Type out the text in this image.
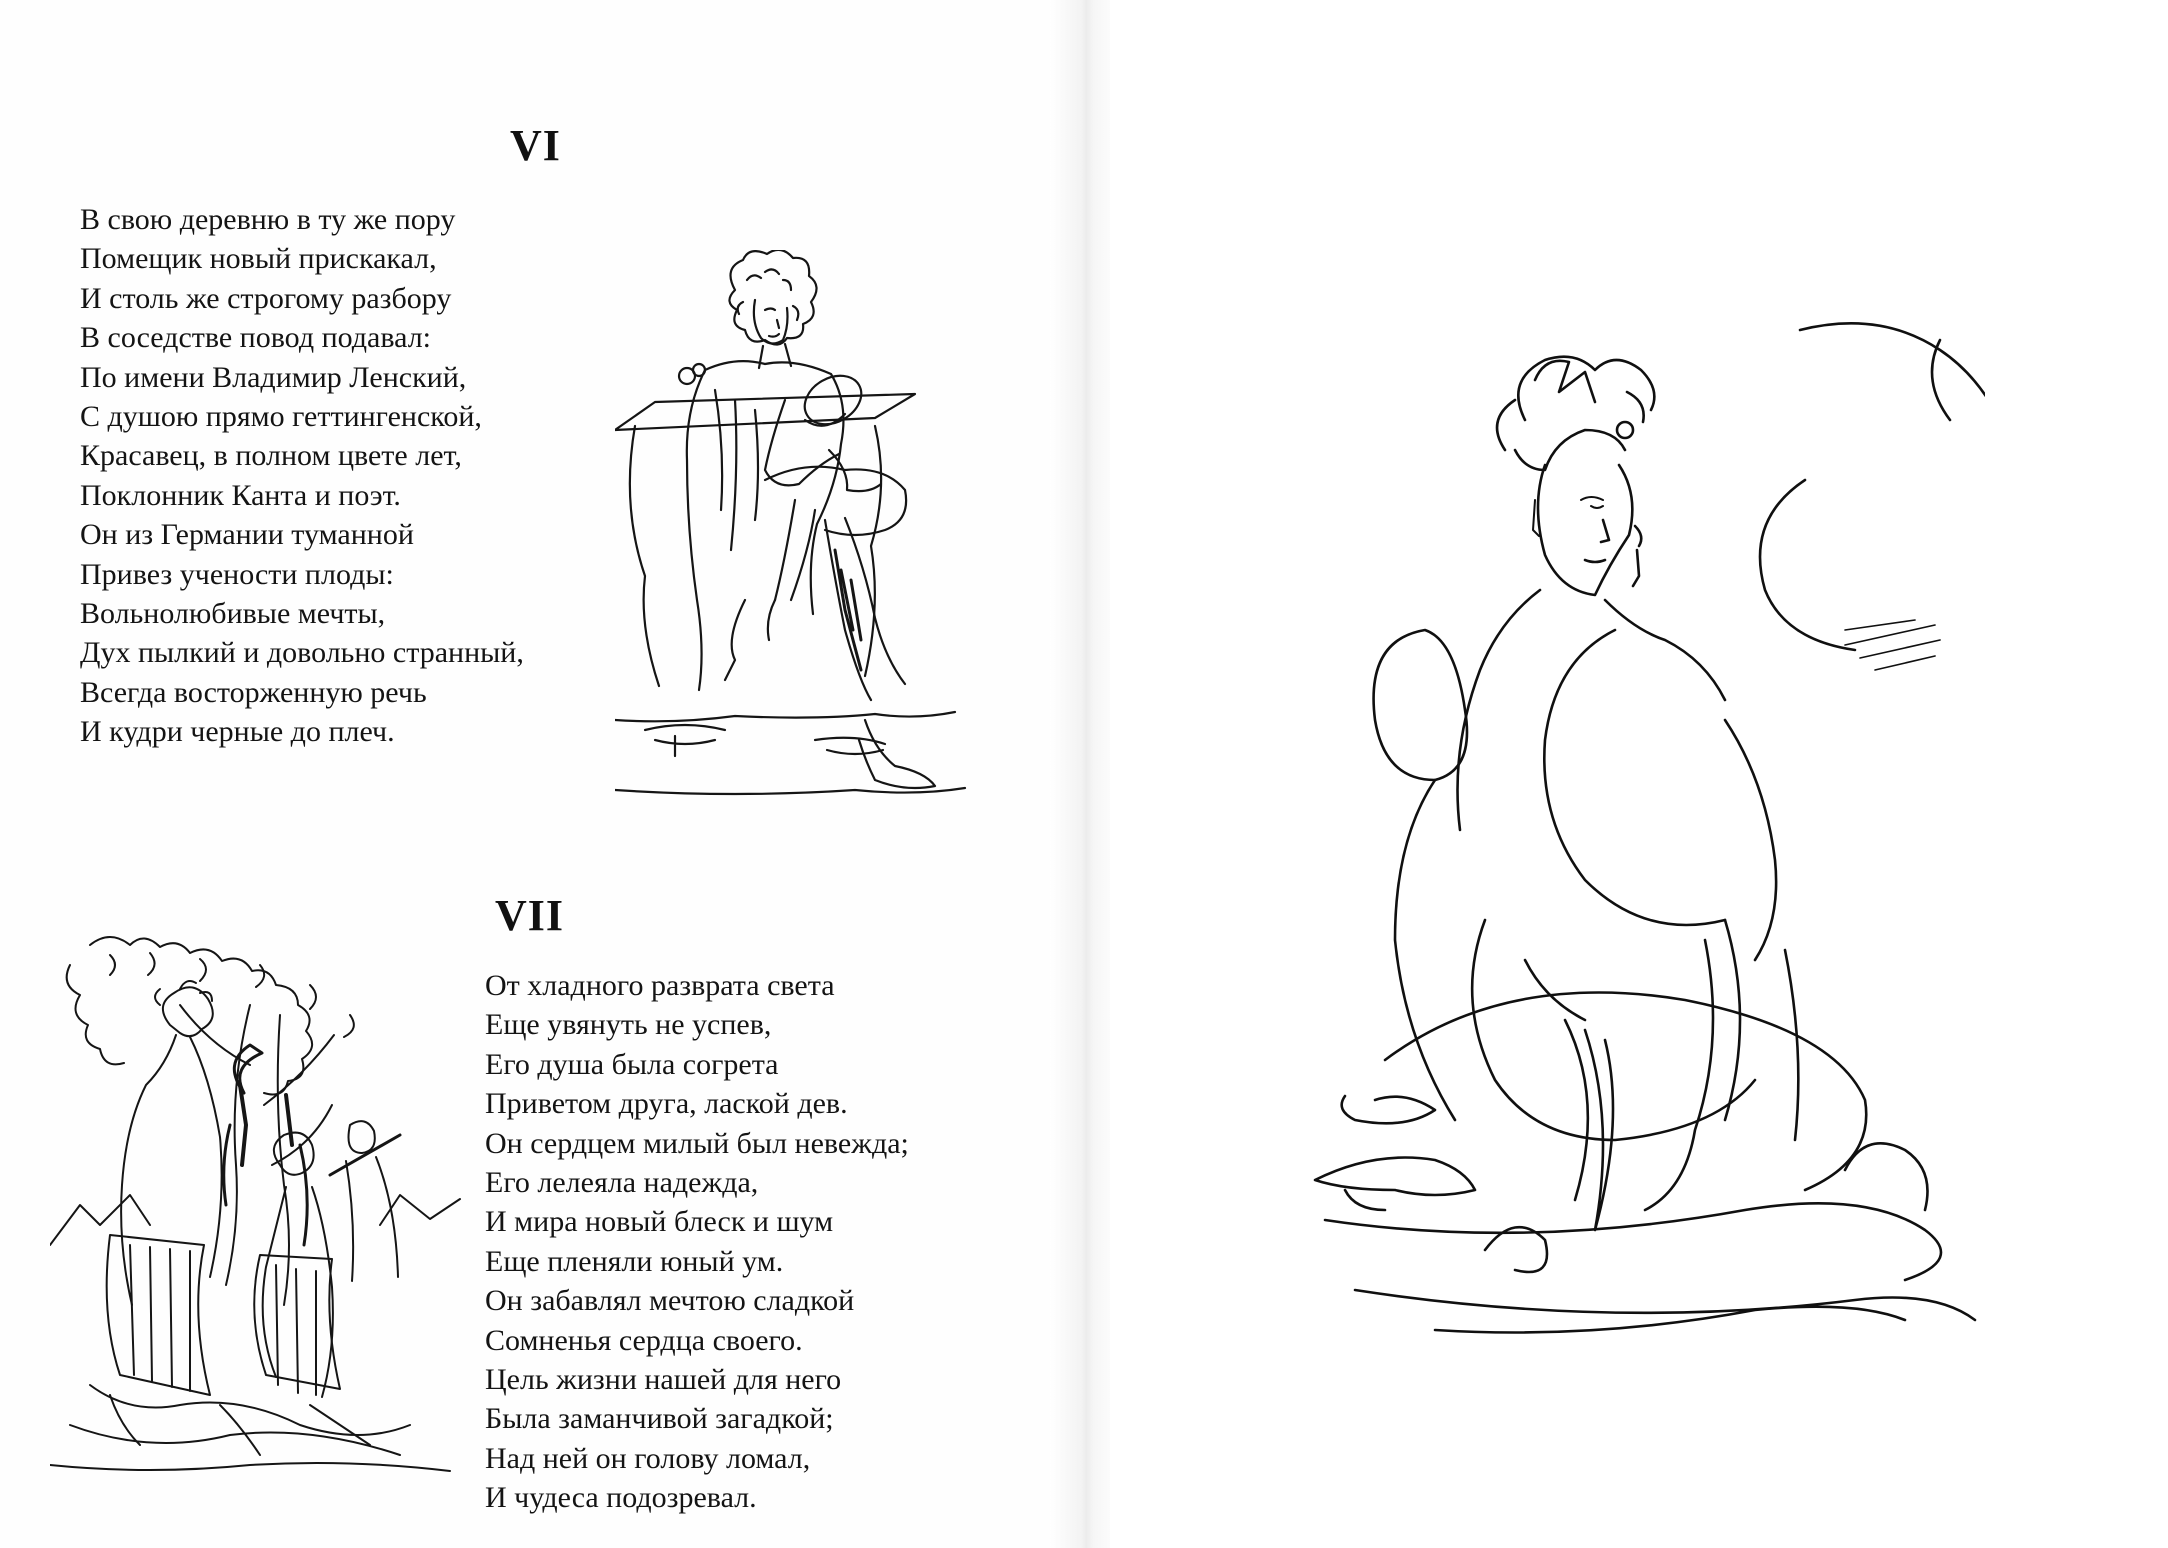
VI
В свою деревню в ту же пору
Помещик новый прискакал,
И столь же строгому разбору
В соседстве повод подавал:
По имени Владимир Ленский,
С душою прямо геттингенской,
Красавец, в полном цвете лет,
Поклонник Канта и поэт.
Он из Германии туманной
Привез учености плоды:
Вольнолюбивые мечты,
Дух пылкий и довольно странный,
Всегда восторженную речь
И кудри черные до плеч.
VII
От хладного разврата света
Еще увянуть не успев,
Его душа была согрета
Приветом друга, лаской дев.
Он сердцем милый был невежда;
Его лелеяла надежда,
И мира новый блеск и шум
Еще пленяли юный ум.
Он забавлял мечтою сладкой
Сомненья сердца своего.
Цель жизни нашей для него
Была заманчивой загадкой;
Над ней он голову ломал,
И чудеса подозревал.
